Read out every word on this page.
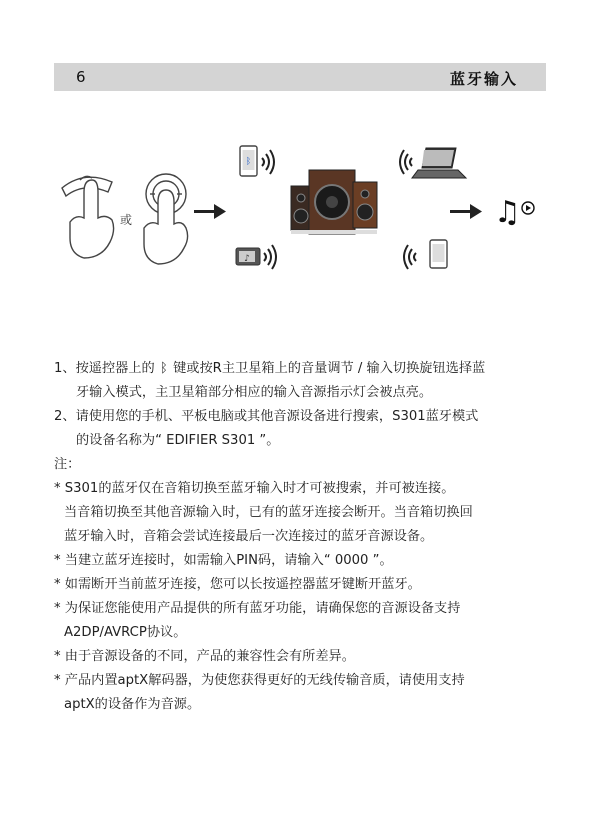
6	蓝牙输入
ᛒ
♪
♫
或
1、按遥控器上的 ᛒ 键或按R主卫星箱上的音量调节 / 输入切换旋钮选择蓝
牙输入模式，主卫星箱部分相应的输入音源指示灯会被点亮。
2、请使用您的手机、平板电脑或其他音源设备进行搜索，S301蓝牙模式
的设备名称为“ EDIFIER S301 ”。
注：
* S301的蓝牙仅在音箱切换至蓝牙输入时才可被搜索，并可被连接。
当音箱切换至其他音源输入时，已有的蓝牙连接会断开。当音箱切换回
蓝牙输入时，音箱会尝试连接最后一次连接过的蓝牙音源设备。
* 当建立蓝牙连接时，如需输入PIN码，请输入“ 0000 ”。
* 如需断开当前蓝牙连接，您可以长按遥控器蓝牙键断开蓝牙。
* 为保证您能使用产品提供的所有蓝牙功能，请确保您的音源设备支持
A2DP/AVRCP协议。
* 由于音源设备的不同，产品的兼容性会有所差异。
* 产品内置aptX解码器，为使您获得更好的无线传输音质，请使用支持
aptX的设备作为音源。
